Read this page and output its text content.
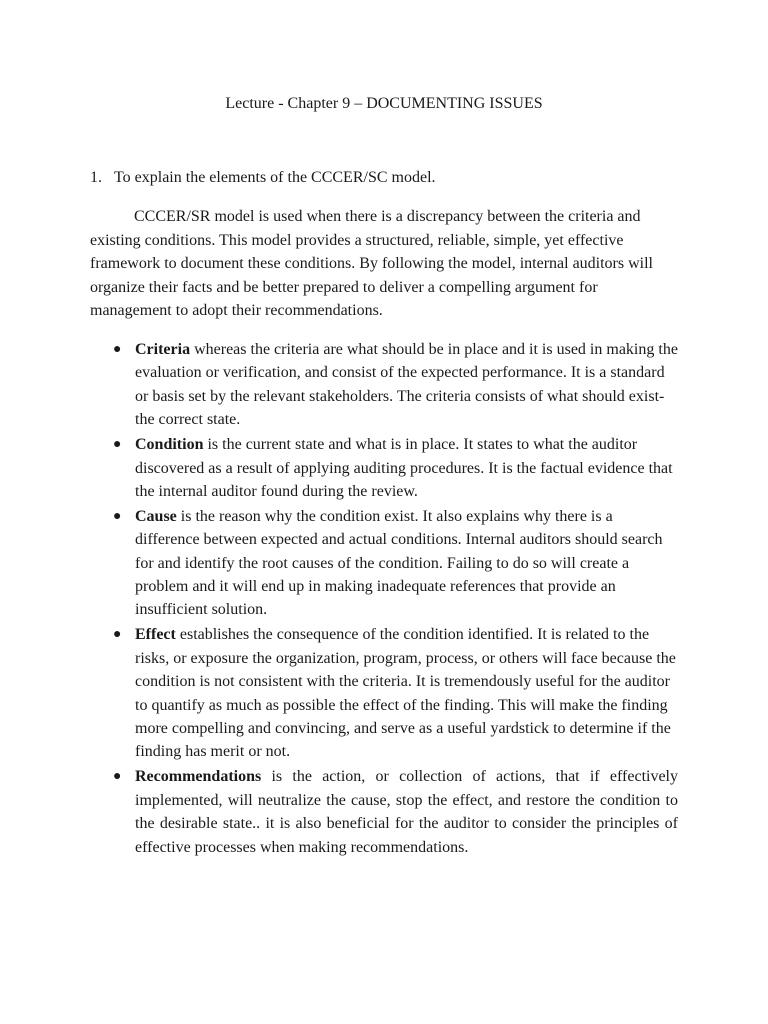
Lecture - Chapter 9 – DOCUMENTING ISSUES
1. To explain the elements of the CCCER/SC model.

CCCER/SR model is used when there is a discrepancy between the criteria and existing conditions. This model provides a structured, reliable, simple, yet effective framework to document these conditions. By following the model, internal auditors will organize their facts and be better prepared to deliver a compelling argument for management to adopt their recommendations.

● Criteria whereas the criteria are what should be in place and it is used in making the evaluation or verification, and consist of the expected performance. It is a standard or basis set by the relevant stakeholders. The criteria consists of what should exist- the correct state.
● Condition is the current state and what is in place. It states to what the auditor discovered as a result of applying auditing procedures. It is the factual evidence that the internal auditor found during the review.
● Cause is the reason why the condition exist. It also explains why there is a difference between expected and actual conditions. Internal auditors should search for and identify the root causes of the condition. Failing to do so will create a problem and it will end up in making inadequate references that provide an insufficient solution.
● Effect establishes the consequence of the condition identified. It is related to the risks, or exposure the organization, program, process, or others will face because the condition is not consistent with the criteria. It is tremendously useful for the auditor to quantify as much as possible the effect of the finding. This will make the finding more compelling and convincing, and serve as a useful yardstick to determine if the finding has merit or not.
● Recommendations is the action, or collection of actions, that if effectively implemented, will neutralize the cause, stop the effect, and restore the condition to the desirable state.. it is also beneficial for the auditor to consider the principles of effective processes when making recommendations.
